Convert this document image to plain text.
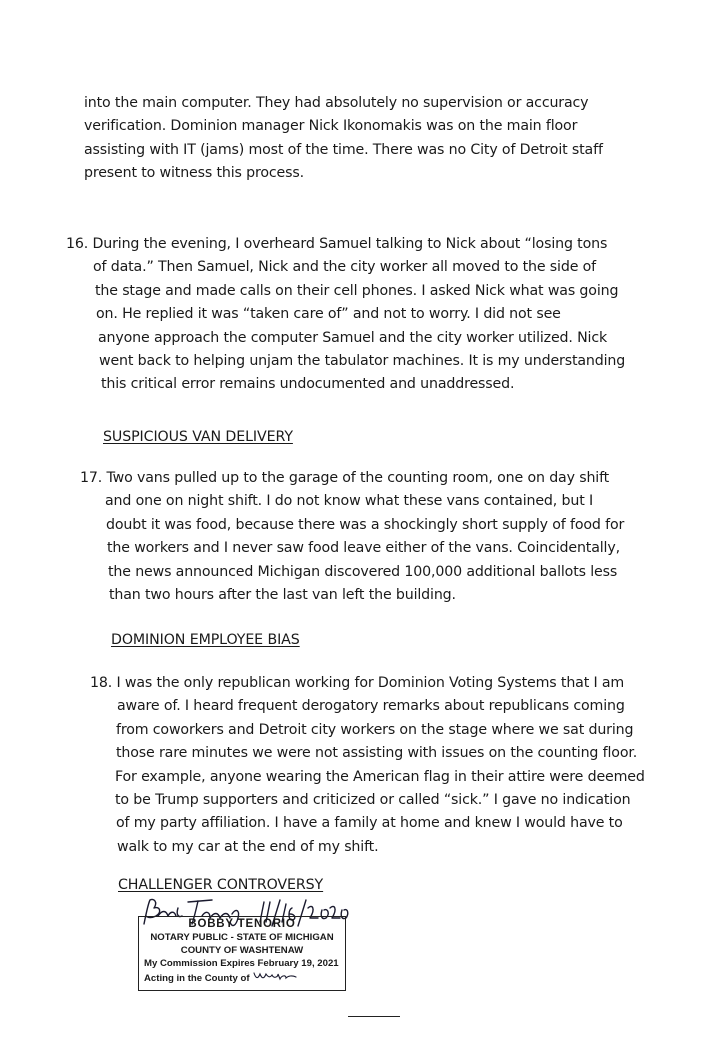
into the main computer. They had absolutely no supervision or accuracy
verification. Dominion manager Nick Ikonomakis was on the main floor
assisting with IT (jams) most of the time. There was no City of Detroit staff
present to witness this process.
16. During the evening, I overheard Samuel talking to Nick about “losing tons
of data.” Then Samuel, Nick and the city worker all moved to the side of
the stage and made calls on their cell phones. I asked Nick what was going
on. He replied it was “taken care of” and not to worry. I did not see
anyone approach the computer Samuel and the city worker utilized. Nick
went back to helping unjam the tabulator machines. It is my understanding
this critical error remains undocumented and unaddressed.
SUSPICIOUS VAN DELIVERY
17. Two vans pulled up to the garage of the counting room, one on day shift
and one on night shift. I do not know what these vans contained, but I
doubt it was food, because there was a shockingly short supply of food for
the workers and I never saw food leave either of the vans. Coincidentally,
the news announced Michigan discovered 100,000 additional ballots less
than two hours after the last van left the building.
DOMINION EMPLOYEE BIAS
18. I was the only republican working for Dominion Voting Systems that I am
aware of. I heard frequent derogatory remarks about republicans coming
from coworkers and Detroit city workers on the stage where we sat during
those rare minutes we were not assisting with issues on the counting floor.
For example, anyone wearing the American flag in their attire were deemed
to be Trump supporters and criticized or called “sick.” I gave no indication
of my party affiliation. I have a family at home and knew I would have to
walk to my car at the end of my shift.
CHALLENGER CONTROVERSY
BOBBY TENORIO
NOTARY PUBLIC - STATE OF MICHIGAN
COUNTY OF WASHTENAW
My Commission Expires February 19, 2021
Acting in the County of
